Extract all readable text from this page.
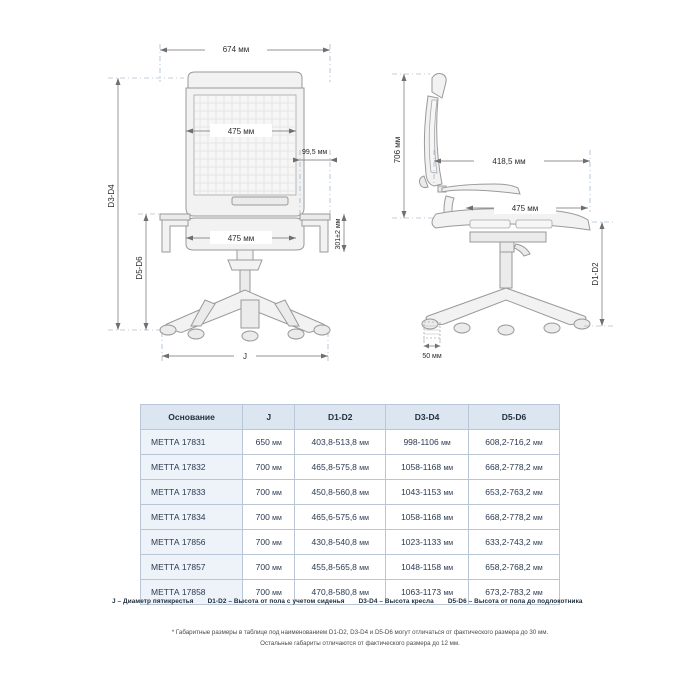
674 мм
475 мм
99,5 мм
301±2 мм
475 мм
D3-D4
D5-D6
J
706 мм	418,5 мм
475 мм
D1-D2
50 мм
Основание	J	D1-D2	D3-D4	D5-D6
МЕТТА 17831	650 мм	403,8-513,8 мм	998-1106 мм	608,2-716,2 мм
МЕТТА 17832	700 мм	465,8-575,8 мм	1058-1168 мм	668,2-778,2 мм
МЕТТА 17833	700 мм	450,8-560,8 мм	1043-1153 мм	653,2-763,2 мм
МЕТТА 17834	700 мм	465,6-575,6 мм	1058-1168 мм	668,2-778,2 мм
МЕТТА 17856	700 мм	430,8-540,8 мм	1023-1133 мм	633,2-743,2 мм
МЕТТА 17857	700 мм	455,8-565,8 мм	1048-1158 мм	658,2-768,2 мм
МЕТТА 17858	700 мм	470,8-580,8 мм	1063-1173 мм	673,2-783,2 мм
J – Диаметр пятикрестья D1-D2 – Высота от пола с учетом сиденья D3-D4 – Высота кресла D5-D6 – Высота от пола до подлокотника
* Габаритные размеры в таблице под наименованием D1-D2, D3-D4 и D5-D6 могут отличаться от фактического размера до 30 мм.
Остальные габариты отличаются от фактического размера до 12 мм.
